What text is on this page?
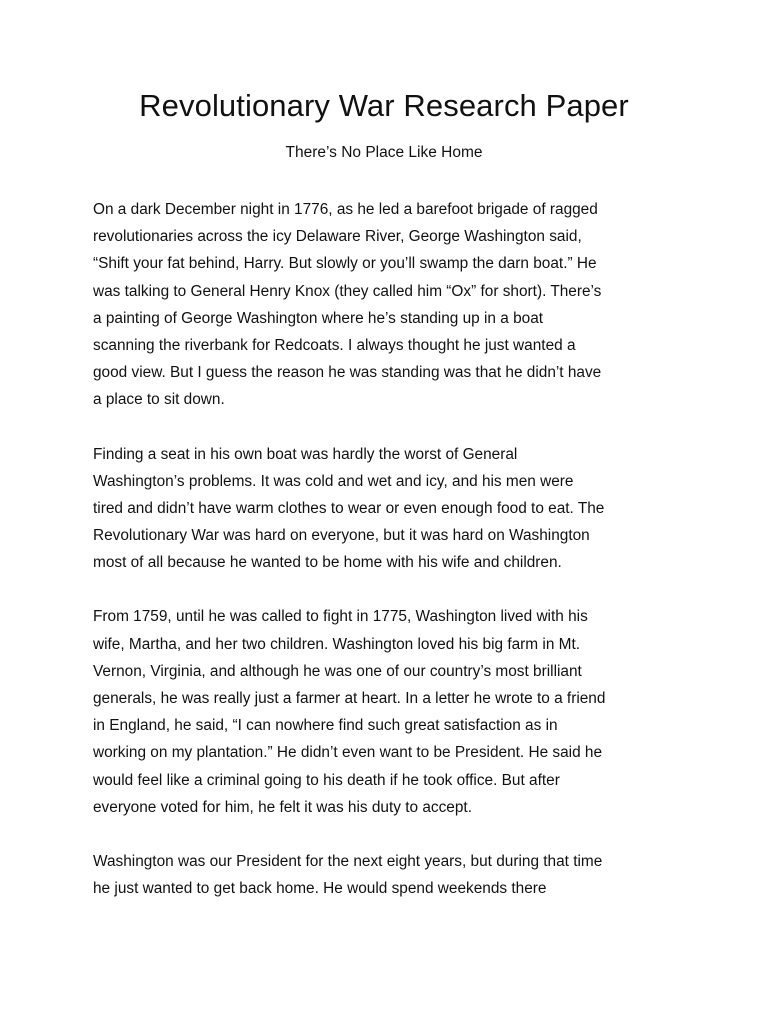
Revolutionary War Research Paper

There’s No Place Like Home

On a dark December night in 1776, as he led a barefoot brigade of ragged
revolutionaries across the icy Delaware River, George Washington said,
“Shift your fat behind, Harry. But slowly or you’ll swamp the darn boat.” He
was talking to General Henry Knox (they called him “Ox” for short). There’s
a painting of George Washington where he’s standing up in a boat
scanning the riverbank for Redcoats. I always thought he just wanted a
good view. But I guess the reason he was standing was that he didn’t have
a place to sit down.
Finding a seat in his own boat was hardly the worst of General
Washington’s problems. It was cold and wet and icy, and his men were
tired and didn’t have warm clothes to wear or even enough food to eat. The
Revolutionary War was hard on everyone, but it was hard on Washington
most of all because he wanted to be home with his wife and children.
From 1759, until he was called to fight in 1775, Washington lived with his
wife, Martha, and her two children. Washington loved his big farm in Mt.
Vernon, Virginia, and although he was one of our country’s most brilliant
generals, he was really just a farmer at heart. In a letter he wrote to a friend
in England, he said, “I can nowhere find such great satisfaction as in
working on my plantation.” He didn’t even want to be President. He said he
would feel like a criminal going to his death if he took office. But after
everyone voted for him, he felt it was his duty to accept.
Washington was our President for the next eight years, but during that time
he just wanted to get back home. He would spend weekends there
